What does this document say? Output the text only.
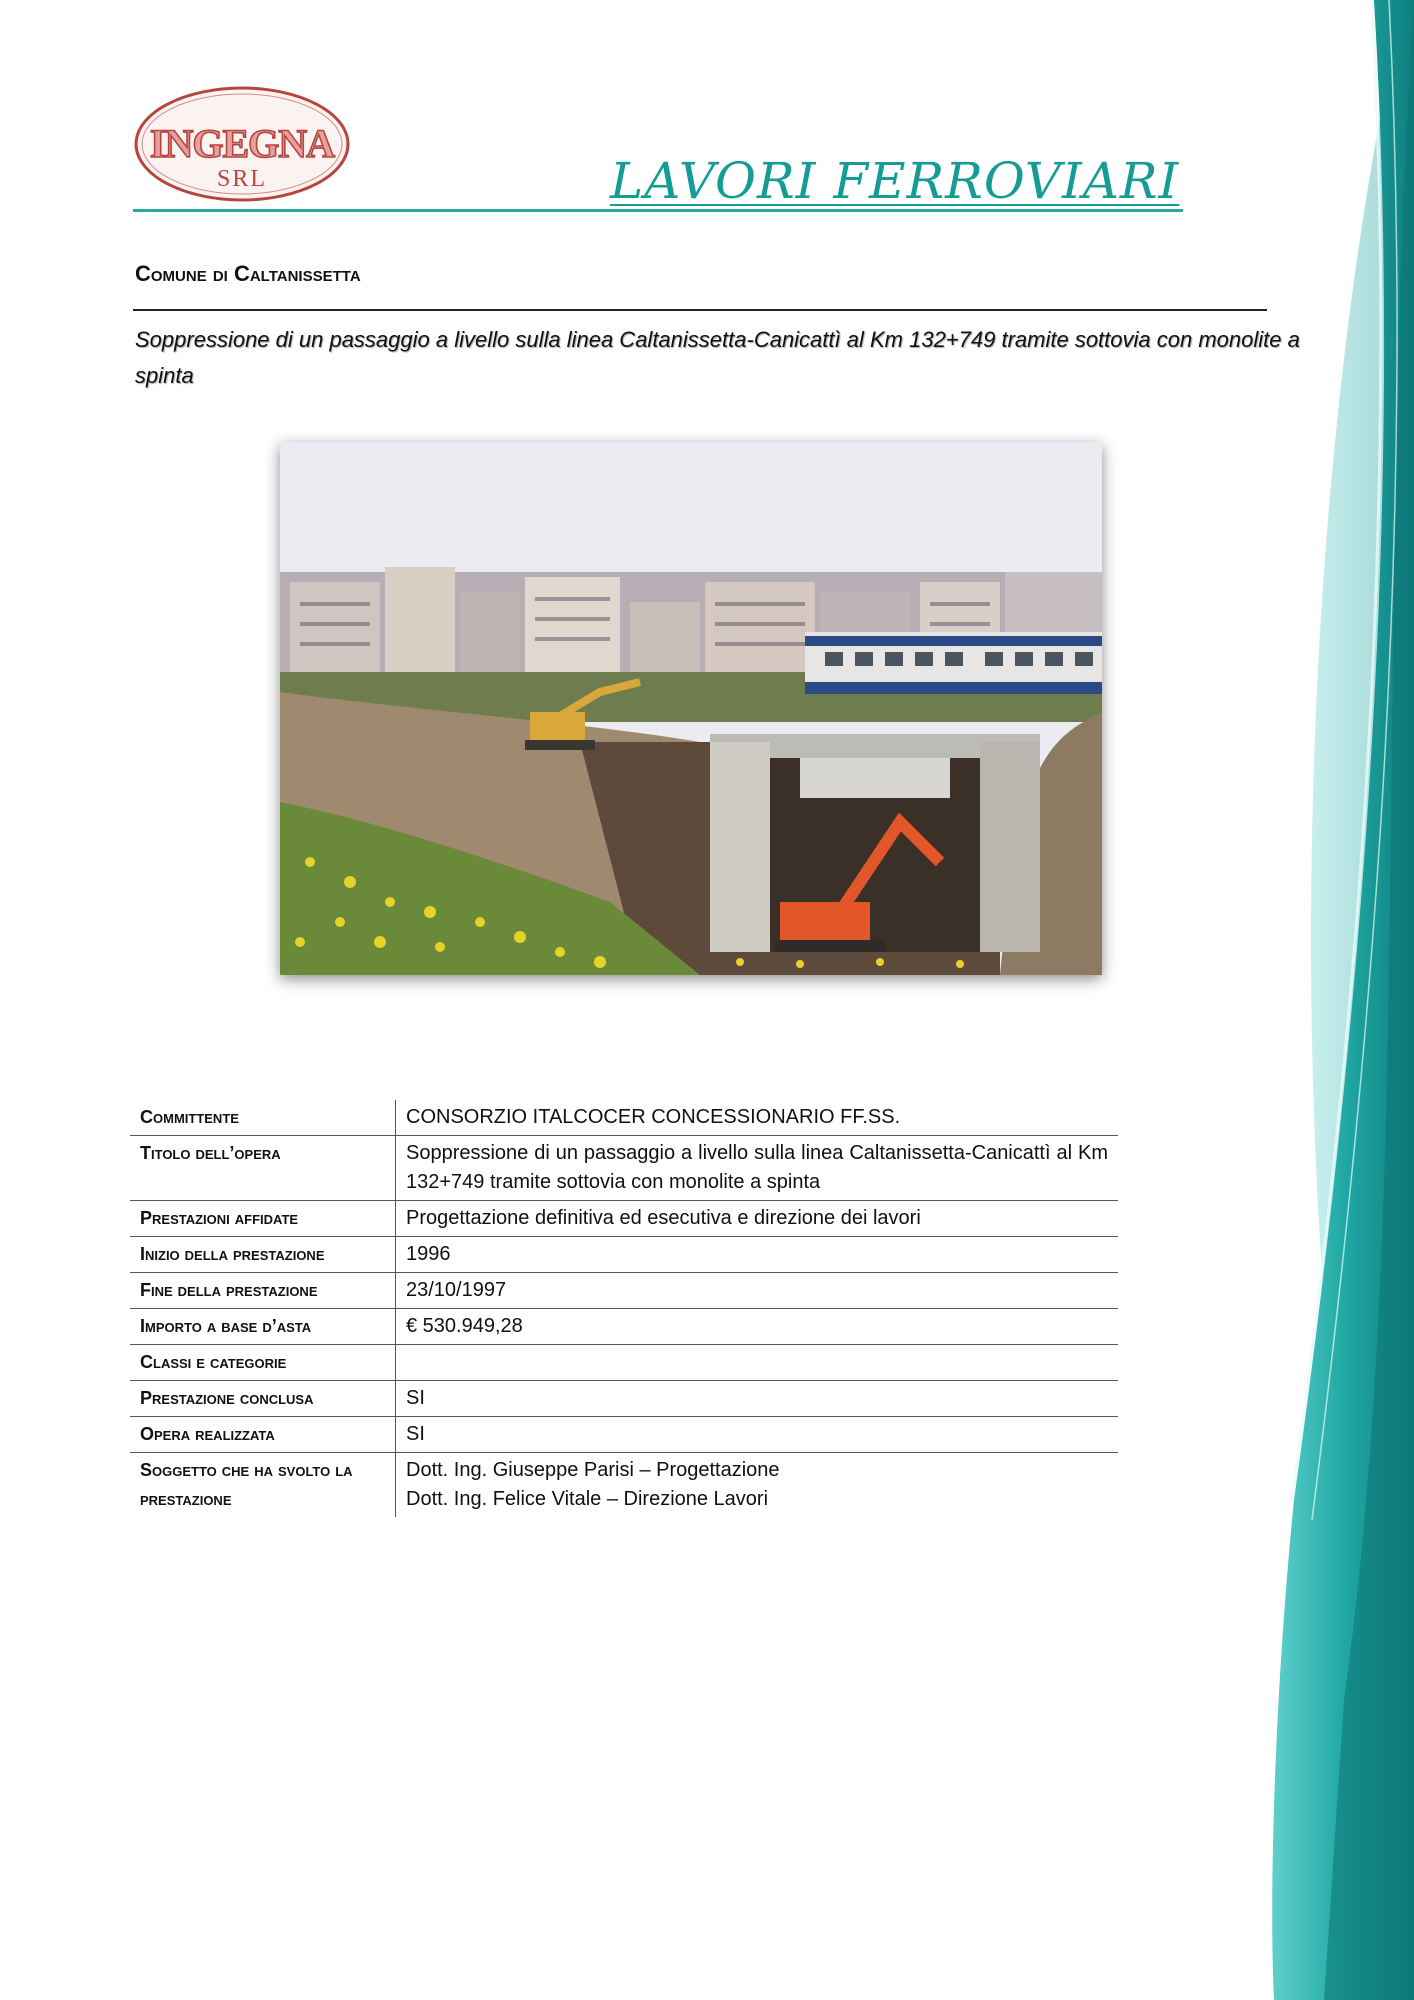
INGEGNA
SRL	LAVORI FERROVIARI
Comune di Caltanissetta
Soppressione di un passaggio a livello sulla linea Caltanissetta-Canicattì al Km 132+749 tramite sottovia con monolite a spinta
Committente	CONSORZIO ITALCOCER CONCESSIONARIO FF.SS.
Titolo dell’opera	Soppressione di un passaggio a livello sulla linea Caltanissetta-Canicattì al Km 132+749 tramite sottovia con monolite a spinta
Prestazioni affidate	Progettazione definitiva ed esecutiva e direzione dei lavori
Inizio della prestazione	1996
Fine della prestazione	23/10/1997
Importo a base d’asta	€ 530.949,28
Classi e categorie	
Prestazione conclusa	SI
Opera realizzata	SI
Soggetto che ha svolto la prestazione	Dott. Ing. Giuseppe Parisi – Progettazione
Dott. Ing. Felice Vitale – Direzione Lavori
